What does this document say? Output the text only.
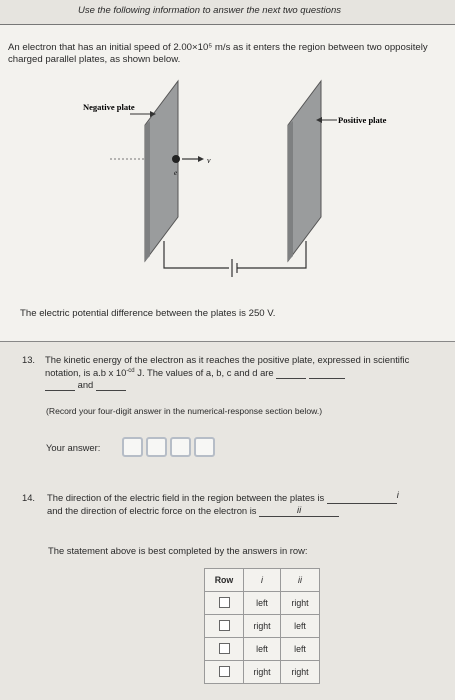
Use the following information to answer the next two questions
An electron that has an initial speed of 2.00×10⁵ m/s as it enters the region between two oppositely charged parallel plates, as shown below.
e
v
Negative plate
Positive plate
The electric potential difference between the plates is 250 V.
13. The kinetic energy of the electron as it reaches the positive plate, expressed in scientific notation, is a.b x $10^{-cd}$ J. The values of a, b, c and d are
and
(Record your four-digit answer in the numerical-response section below.)
Your answer:
14. The direction of the electric field in the region between the plates is	i

and the direction of electric force on the electron is	ii
The statement above is best completed by the answers in row:
Row	i	ii
	left	right
	right	left
	left	left
	right	right
